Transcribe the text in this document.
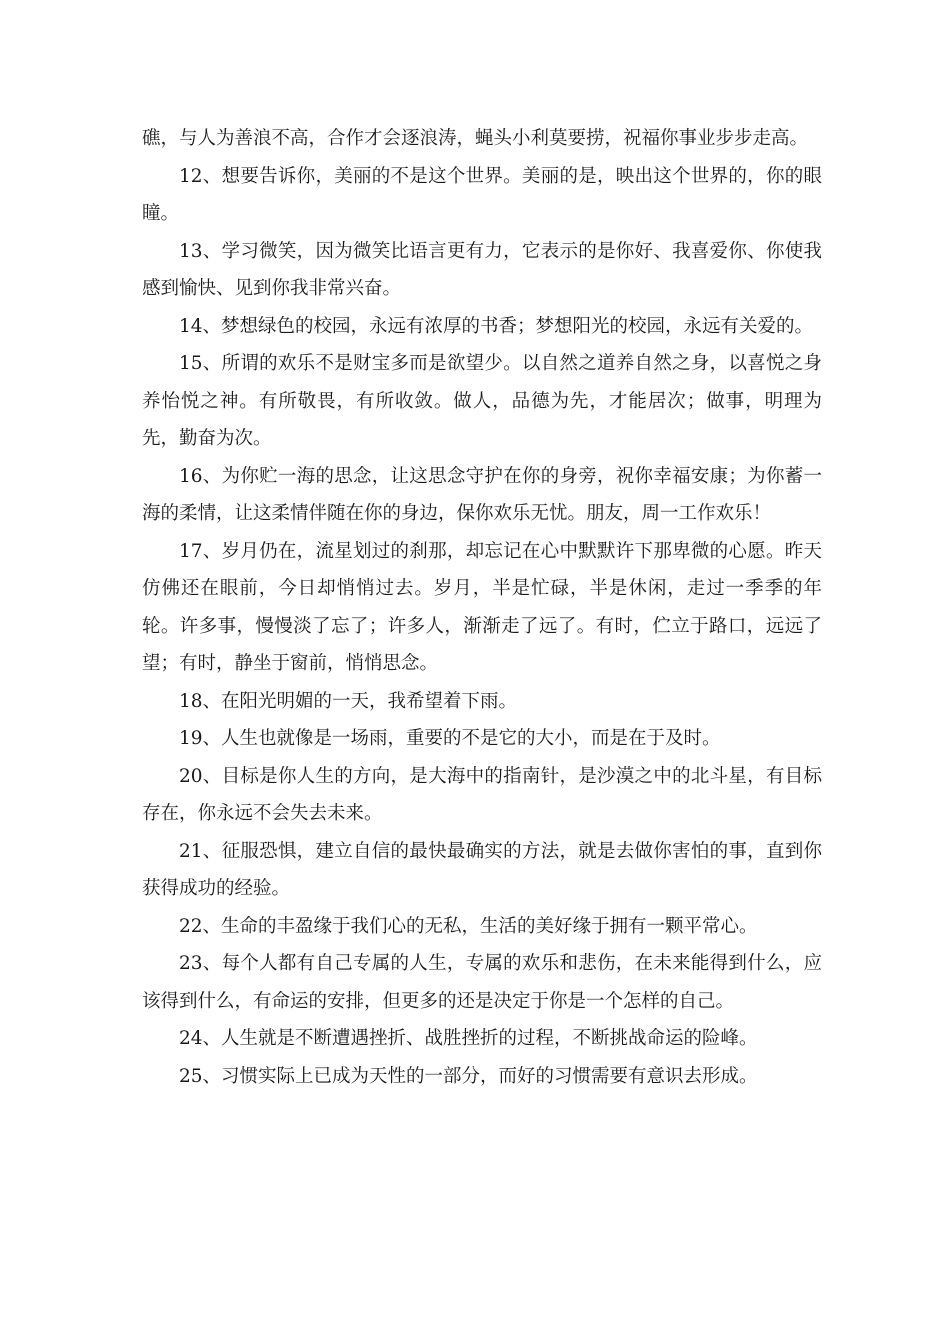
礁，与人为善浪不高，合作才会逐浪涛，蝇头小利莫要捞，祝福你事业步步走高。

12、想要告诉你，美丽的不是这个世界。美丽的是，映出这个世界的，你的眼瞳。

13、学习微笑，因为微笑比语言更有力，它表示的是你好、我喜爱你、你使我感到愉快、见到你我非常兴奋。

14、梦想绿色的校园，永远有浓厚的书香；梦想阳光的校园，永远有关爱的。

15、所谓的欢乐不是财宝多而是欲望少。以自然之道养自然之身，以喜悦之身养怡悦之神。有所敬畏，有所收敛。做人，品德为先，才能居次；做事，明理为先，勤奋为次。

16、为你贮一海的思念，让这思念守护在你的身旁，祝你幸福安康；为你蓄一海的柔情，让这柔情伴随在你的身边，保你欢乐无忧。朋友，周一工作欢乐！

17、岁月仍在，流星划过的刹那，却忘记在心中默默许下那卑微的心愿。昨天仿佛还在眼前，今日却悄悄过去。岁月，半是忙碌，半是休闲，走过一季季的年轮。许多事，慢慢淡了忘了；许多人，渐渐走了远了。有时，伫立于路口，远远了望；有时，静坐于窗前，悄悄思念。

18、在阳光明媚的一天，我希望着下雨。

19、人生也就像是一场雨，重要的不是它的大小，而是在于及时。

20、目标是你人生的方向，是大海中的指南针，是沙漠之中的北斗星，有目标存在，你永远不会失去未来。

21、征服恐惧，建立自信的最快最确实的方法，就是去做你害怕的事，直到你获得成功的经验。

22、生命的丰盈缘于我们心的无私，生活的美好缘于拥有一颗平常心。

23、每个人都有自己专属的人生，专属的欢乐和悲伤，在未来能得到什么，应该得到什么，有命运的安排，但更多的还是决定于你是一个怎样的自己。

24、人生就是不断遭遇挫折、战胜挫折的过程，不断挑战命运的险峰。

25、习惯实际上已成为天性的一部分，而好的习惯需要有意识去形成。
